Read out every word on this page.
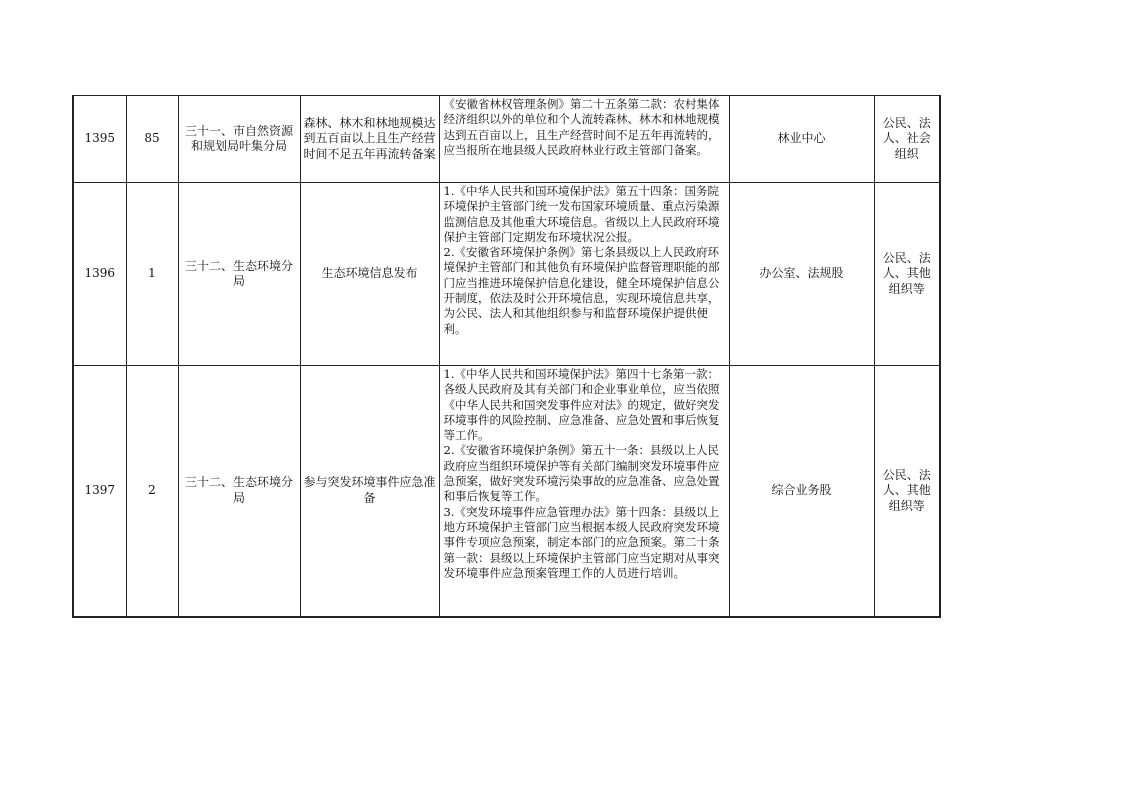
1395	85	三十一、市自然资源和规划局叶集分局	森林、林木和林地规模达到五百亩以上且生产经营时间不足五年再流转备案	《安徽省林权管理条例》第二十五条第二款：农村集体经济组织以外的单位和个人流转森林、林木和林地规模达到五百亩以上，且生产经营时间不足五年再流转的，应当报所在地县级人民政府林业行政主管部门备案。	林业中心	公民、法人、社会组织
1396	1	三十二、生态环境分局	生态环境信息发布	1.《中华人民共和国环境保护法》第五十四条：国务院环境保护主管部门统一发布国家环境质量、重点污染源监测信息及其他重大环境信息。省级以上人民政府环境保护主管部门定期发布环境状况公报。
2.《安徽省环境保护条例》第七条县级以上人民政府环境保护主管部门和其他负有环境保护监督管理职能的部门应当推进环境保护信息化建设，健全环境保护信息公开制度，依法及时公开环境信息，实现环境信息共享，为公民、法人和其他组织参与和监督环境保护提供便利。	办公室、法规股	公民、法人、其他组织等
1397	2	三十二、生态环境分局	参与突发环境事件应急准备	1.《中华人民共和国环境保护法》第四十七条第一款：各级人民政府及其有关部门和企业事业单位，应当依照《中华人民共和国突发事件应对法》的规定，做好突发环境事件的风险控制、应急准备、应急处置和事后恢复等工作。
2.《安徽省环境保护条例》第五十一条：县级以上人民政府应当组织环境保护等有关部门编制突发环境事件应急预案，做好突发环境污染事故的应急准备、应急处置和事后恢复等工作。
3.《突发环境事件应急管理办法》第十四条：县级以上地方环境保护主管部门应当根据本级人民政府突发环境事件专项应急预案，制定本部门的应急预案。第二十条第一款：县级以上环境保护主管部门应当定期对从事突发环境事件应急预案管理工作的人员进行培训。	综合业务股	公民、法人、其他组织等
